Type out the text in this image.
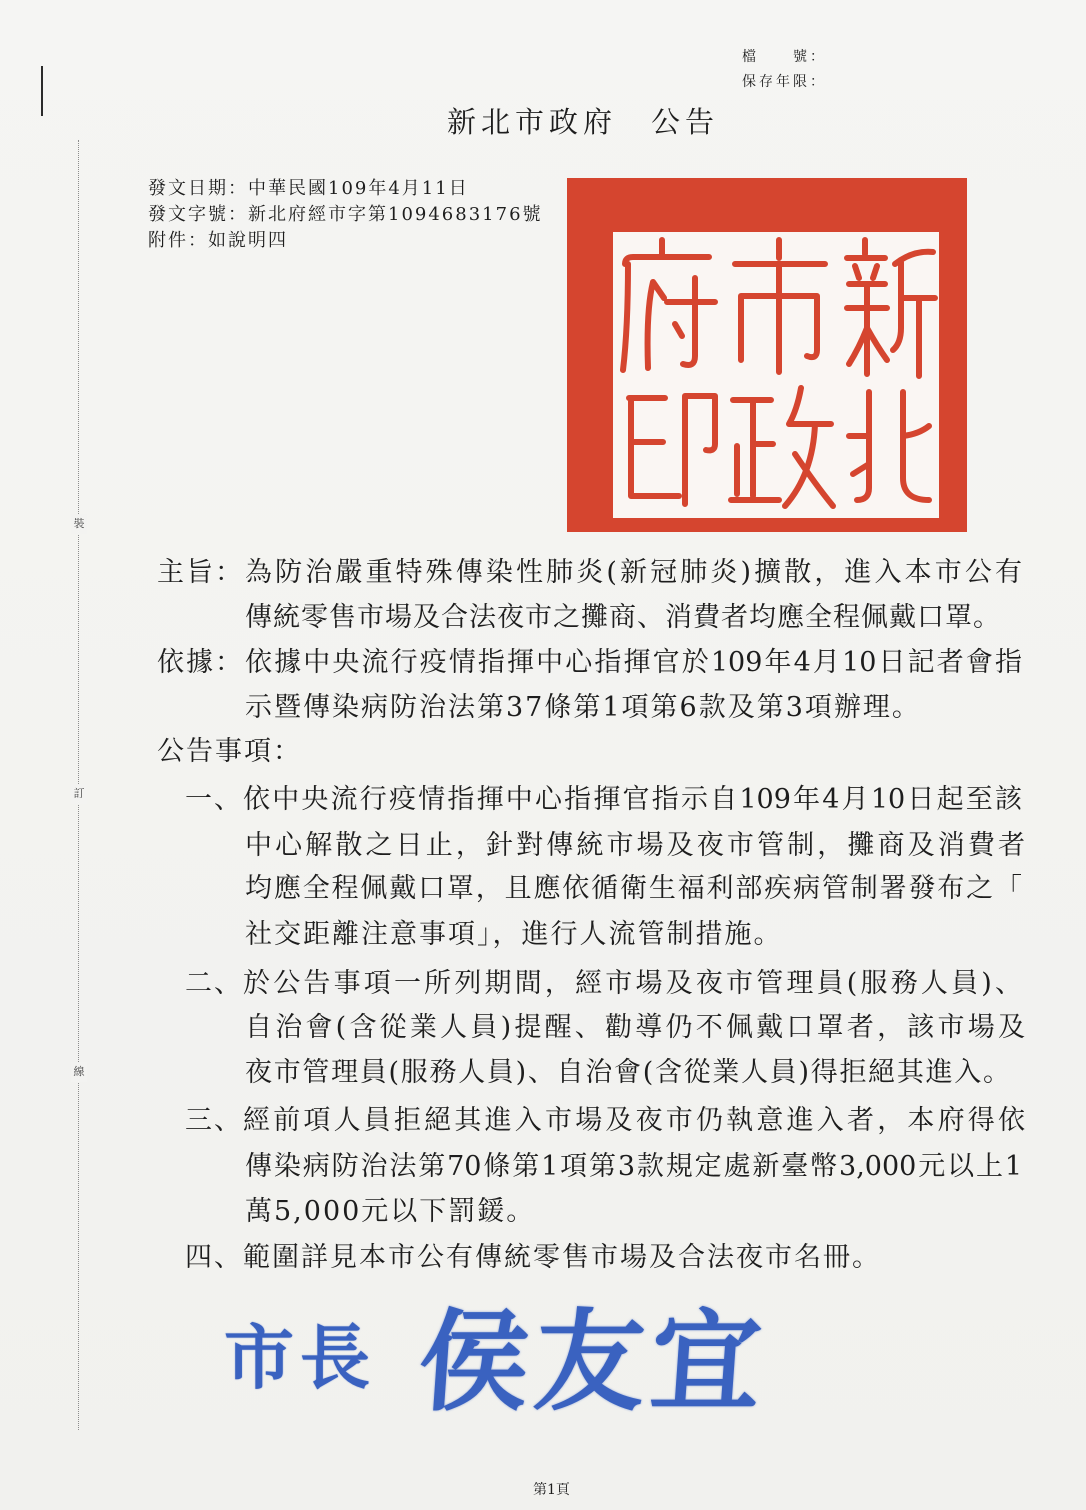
裝
訂
線
檔　　號：
保存年限：
新北市政府　公告
發文日期：中華民國109年4月11日
發文字號：新北府經市字第1094683176號
附件：如說明四
主旨： 為防治嚴重特殊傳染性肺炎(新冠肺炎)擴散，進入本市公有
傳統零售市場及合法夜市之攤商、消費者均應全程佩戴口罩。
依據： 依據中央流行疫情指揮中心指揮官於109年4月10日記者會指
示暨傳染病防治法第37條第1項第6款及第3項辦理。
公告事項：
一、 依中央流行疫情指揮中心指揮官指示自109年4月10日起至該
中心解散之日止，針對傳統市場及夜市管制，攤商及消費者
均應全程佩戴口罩，且應依循衛生福利部疾病管制署發布之「
社交距離注意事項」，進行人流管制措施。
二、 於公告事項一所列期間，經市場及夜市管理員(服務人員)、
自治會(含從業人員)提醒、勸導仍不佩戴口罩者，該市場及
夜市管理員(服務人員)、自治會(含從業人員)得拒絕其進入。
三、 經前項人員拒絕其進入市場及夜市仍執意進入者，本府得依
傳染病防治法第70條第1項第3款規定處新臺幣3,000元以上1
萬5,000元以下罰鍰。
四、 範圍詳見本市公有傳統零售市場及合法夜市名冊。
市長 侯友宜
第1頁
